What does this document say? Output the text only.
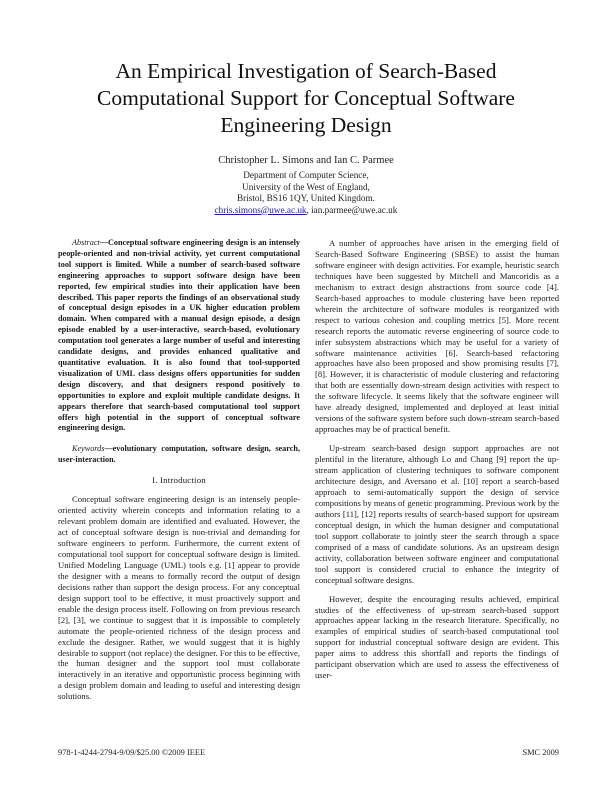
An Empirical Investigation of Search-Based
Computational Support for Conceptual Software
Engineering Design
Christopher L. Simons and Ian C. Parmee
Department of Computer Science,
University of the West of England,
Bristol, BS16 1QY, United Kingdom.
chris.simons@uwe.ac.uk, ian.parmee@uwe.ac.uk

Abstract—Conceptual software engineering design is an intensely people-oriented and non-trivial activity, yet current computational tool support is limited. While a number of search-based software engineering approaches to support software design have been reported, few empirical studies into their application have been described. This paper reports the findings of an observational study of conceptual design episodes in a UK higher education problem domain. When compared with a manual design episode, a design episode enabled by a user-interactive, search-based, evolutionary computation tool generates a large number of useful and interesting candidate designs, and provides enhanced qualitative and quantitative evaluation. It is also found that tool-supported visualization of UML class designs offers opportunities for sudden design discovery, and that designers respond positively to opportunities to explore and exploit multiple candidate designs. It appears therefore that search-based computational tool support offers high potential in the support of conceptual software engineering design.

Keywords—evolutionary computation, software design, search, user-interaction.

I. Introduction

Conceptual software engineering design is an intensely people-oriented activity wherein concepts and information relating to a relevant problem domain are identified and evaluated. However, the act of conceptual software design is non-trivial and demanding for software engineers to perform. Furthermore, the current extent of computational tool support for conceptual software design is limited. Unified Modeling Language (UML) tools e.g. [1] appear to provide the designer with a means to formally record the output of design decisions rather than support the design process. For any conceptual design support tool to be effective, it must proactively support and enable the design process itself. Following on from previous research [2], [3], we continue to suggest that it is impossible to completely automate the people-oriented richness of the design process and exclude the designer. Rather, we would suggest that it is highly desirable to support (not replace) the designer. For this to be effective, the human designer and the support tool must collaborate interactively in an iterative and opportunistic process beginning with a design problem domain and leading to useful and interesting design solutions.

A number of approaches have arisen in the emerging field of Search-Based Software Engineering (SBSE) to assist the human software engineer with design activities. For example, heuristic search techniques have been suggested by Mitchell and Mancoridis as a mechanism to extract design abstractions from source code [4]. Search-based approaches to module clustering have been reported wherein the architecture of software modules is reorganized with respect to various cohesion and coupling metrics [5]. More recent research reports the automatic reverse engineering of source code to infer subsystem abstractions which may be useful for a variety of software maintenance activities [6]. Search-based refactoring approaches have also been proposed and show promising results [7], [8]. However, it is characteristic of module clustering and refactoring that both are essentially down-stream design activities with respect to the software lifecycle. It seems likely that the software engineer will have already designed, implemented and deployed at least initial versions of the software system before such down-stream search-based approaches may be of practical benefit.

Up-stream search-based design support approaches are not plentiful in the literature, although Lo and Chang [9] report the up-stream application of clustering techniques to software component architecture design, and Aversano et al. [10] report a search-based approach to semi-automatically support the design of service compositions by means of genetic programming. Previous work by the authors [11], [12] reports results of search-based support for upstream conceptual design, in which the human designer and computational tool support collaborate to jointly steer the search through a space comprised of a mass of candidate solutions. As an upstream design activity, collaboration between software engineer and computational tool support is considered crucial to enhance the integrity of conceptual software designs.

However, despite the encouraging results achieved, empirical studies of the effectiveness of up-stream search-based support approaches appear lacking in the research literature. Specifically, no examples of empirical studies of search-based computational tool support for industrial conceptual software design are evident. This paper aims to address this shortfall and reports the findings of participant observation which are used to assess the effectiveness of user-

978-1-4244-2794-9/09/$25.00 ©2009 IEEE	SMC 2009
